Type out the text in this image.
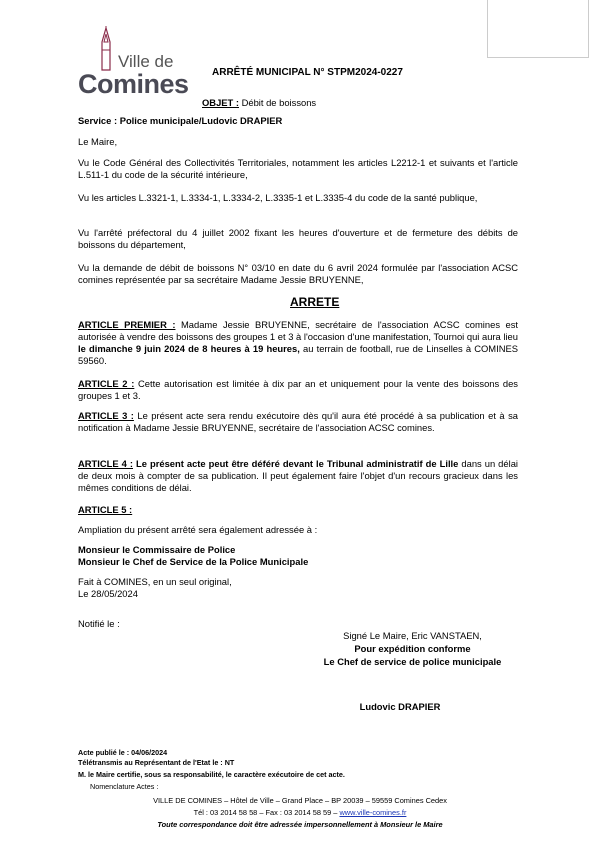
Ville de
Comines ARRÊTÉ MUNICIPAL N° STPM2024-0227
OBJET : Débit de boissons
Service : Police municipale/Ludovic DRAPIER
Le Maire,
Vu le Code Général des Collectivités Territoriales, notamment les articles L2212-1 et suivants et l'article L.511-1 du code de la sécurité intérieure,
Vu les articles L.3321-1, L.3334-1, L.3334-2, L.3335-1 et L.3335-4 du code de la santé publique,
Vu l'arrêté préfectoral du 4 juillet 2002 fixant les heures d'ouverture et de fermeture des débits de boissons du département,
Vu la demande de débit de boissons N° 03/10 en date du 6 avril 2024 formulée par l'association ACSC comines représentée par sa secrétaire Madame Jessie BRUYENNE,
ARRETE
ARTICLE PREMIER : Madame Jessie BRUYENNE, secrétaire de l'association ACSC comines est autorisée à vendre des boissons des groupes 1 et 3 à l'occasion d'une manifestation, Tournoi qui aura lieu le dimanche 9 juin 2024 de 8 heures à 19 heures, au terrain de football, rue de Linselles à COMINES 59560.
ARTICLE 2 : Cette autorisation est limitée à dix par an et uniquement pour la vente des boissons des groupes 1 et 3.
ARTICLE 3 : Le présent acte sera rendu exécutoire dès qu'il aura été procédé à sa publication et à sa notification à Madame Jessie BRUYENNE, secrétaire de l'association ACSC comines.
ARTICLE 4 : Le présent acte peut être déféré devant le Tribunal administratif de Lille dans un délai de deux mois à compter de sa publication. Il peut également faire l'objet d'un recours gracieux dans les mêmes conditions de délai.
ARTICLE 5 :
Ampliation du présent arrêté sera également adressée à :
Monsieur le Commissaire de Police
Monsieur le Chef de Service de la Police Municipale
Fait à COMINES, en un seul original,
Le 28/05/2024
Notifié le :
Signé Le Maire, Eric VANSTAEN,
Pour expédition conforme
Le Chef de service de police municipale
Ludovic DRAPIER
Acte publié le : 04/06/2024
Télétransmis au Représentant de l'Etat le : NT
M. le Maire certifie, sous sa responsabilité, le caractère exécutoire de cet acte.
Nomenclature Actes :
VILLE DE COMINES – Hôtel de Ville – Grand Place – BP 20039 – 59559 Comines Cedex
Tél : 03 2014 58 58 – Fax : 03 2014 58 59 – www.ville-comines.fr
Toute correspondance doit être adressée impersonnellement à Monsieur le Maire
